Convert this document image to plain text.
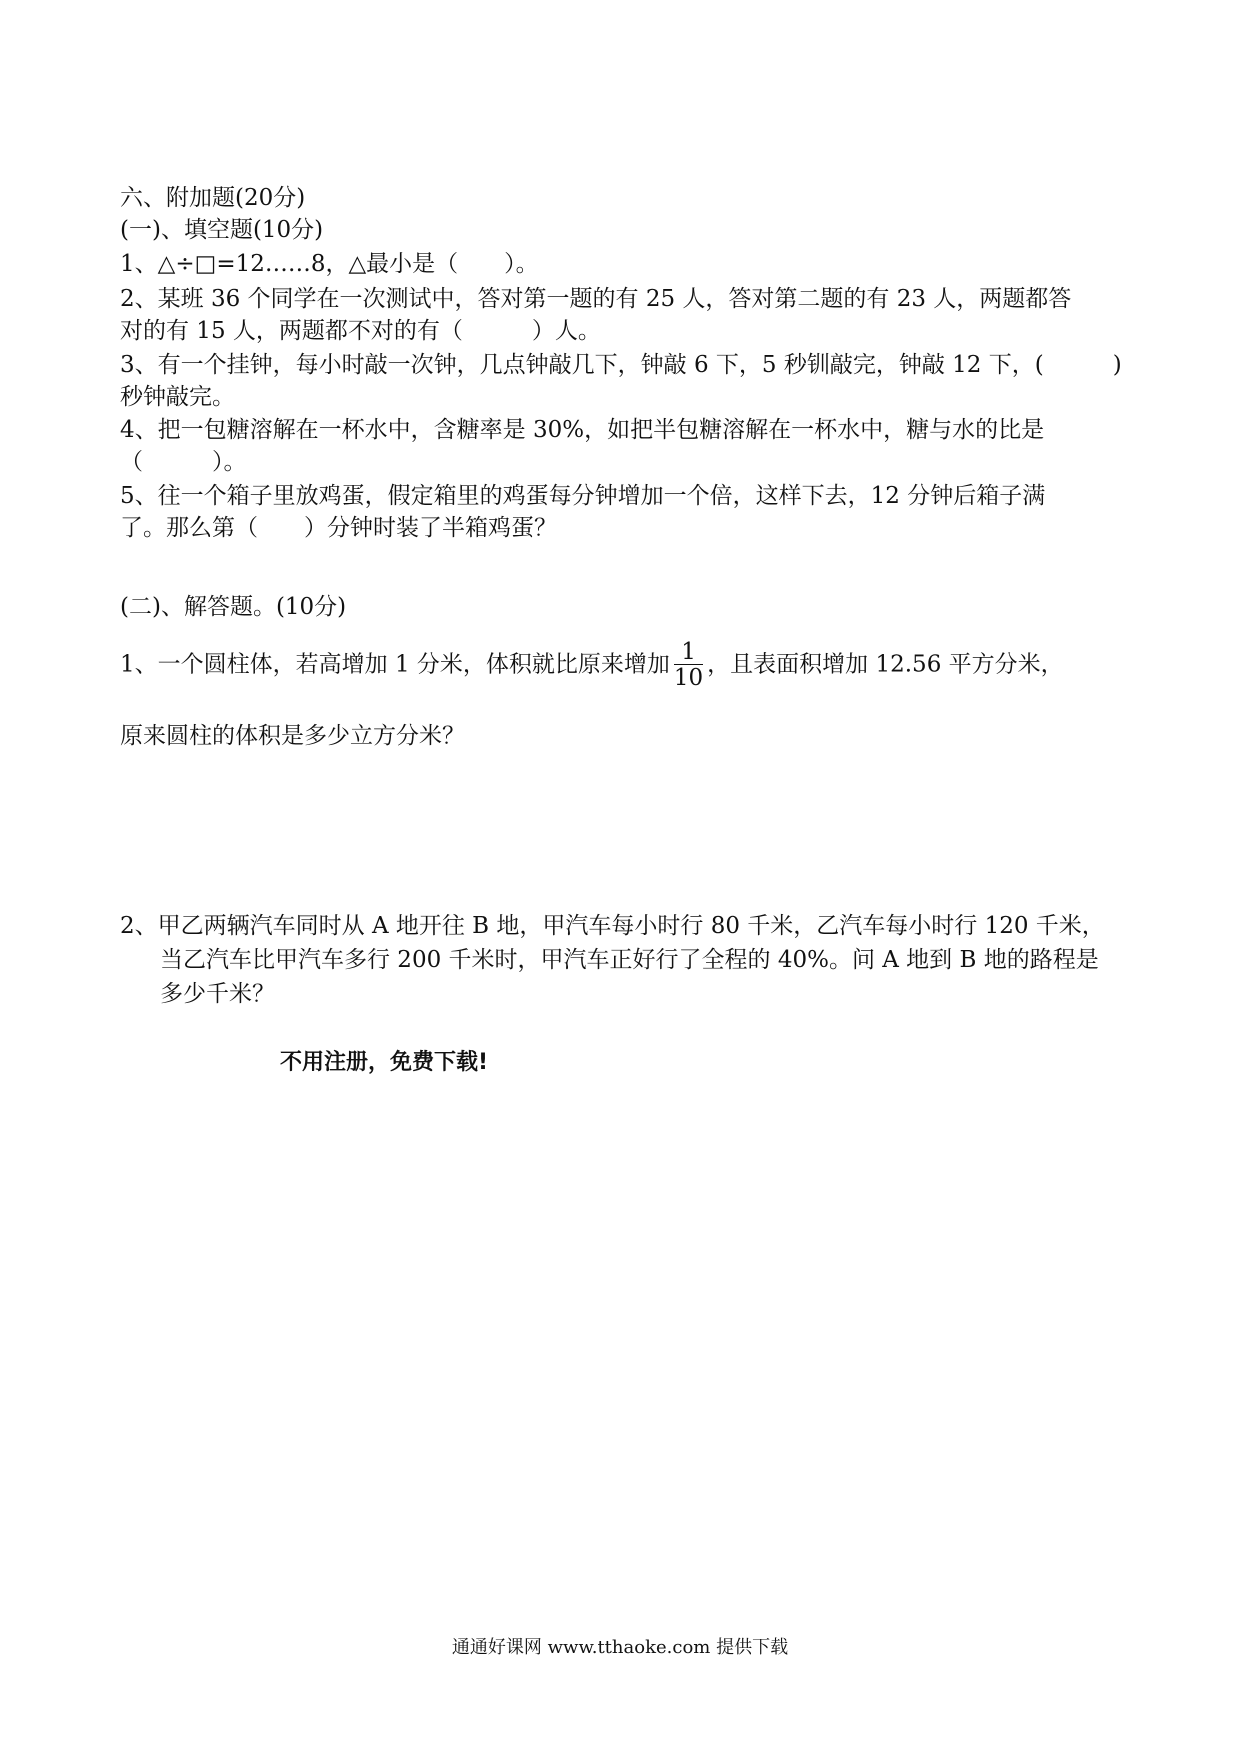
六、附加题(20分)
(一)、填空题(10分)
1、△÷□=12……8，△最小是（　　）。
2、某班 36 个同学在一次测试中，答对第一题的有 25 人，答对第二题的有 23 人，两题都答
对的有 15 人，两题都不对的有（　　　）人。
3、有一个挂钟，每小时敲一次钟，几点钟敲几下，钟敲 6 下，5 秒钏敲完，钟敲 12 下，(　　　)
秒钟敲完。
4、把一包糖溶解在一杯水中，含糖率是 30%，如把半包糖溶解在一杯水中，糖与水的比是
（　　　）。
5、往一个箱子里放鸡蛋，假定箱里的鸡蛋每分钟增加一个倍，这样下去，12 分钟后箱子满
了。那么第（　　）分钟时装了半箱鸡蛋？
(二)、解答题。(10分)
1、一个圆柱体，若高增加 1 分米，体积就比原来增加 $\frac{1}{10}$ ，且表面积增加 12.56 平方分米，
原来圆柱的体积是多少立方分米？
2、甲乙两辆汽车同时从 A 地开往 B 地，甲汽车每小时行 80 千米，乙汽车每小时行 120 千米，
当乙汽车比甲汽车多行 200 千米时，甲汽车正好行了全程的 40%。问 A 地到 B 地的路程是
多少千米？
不用注册，免费下载!
通通好课网 www.tthaoke.com 提供下载
